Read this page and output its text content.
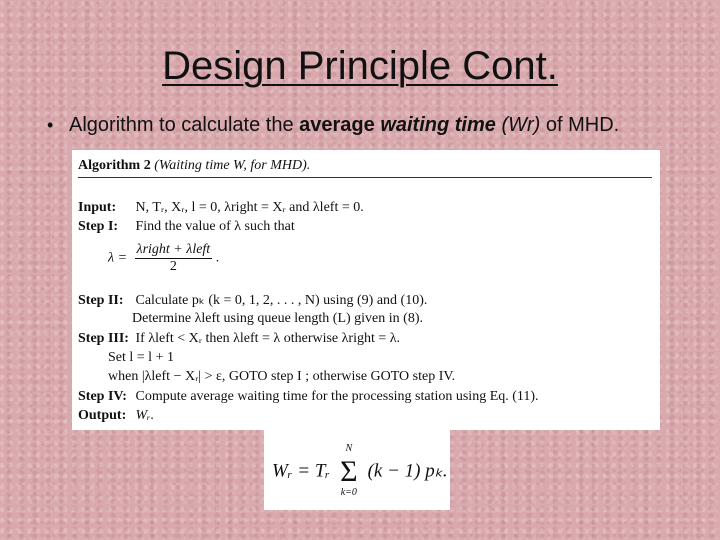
Design Principle Cont.
• Algorithm to calculate the average waiting time (Wr) of MHD.
Algorithm 2 (Waiting time W, for MHD).
Input: N, Tᵣ, Xᵣ, l = 0, λright = Xᵣ and λleft = 0.
Step I: Find the value of λ such that
$\lambda = \frac{\text{λright + λleft}}{2}$ .
Step II: Calculate pₖ (k = 0, 1, 2, . . . , N) using (9) and (10).
Determine λleft using queue length (L) given in (8).
Step III: If λleft < Xᵣ then λleft = λ otherwise λright = λ.
Set l = l + 1
when |λleft − Xᵣ| > ε, GOTO step I ; otherwise GOTO step IV.
Step IV: Compute average waiting time for the processing station using Eq. (11).
Output: Wᵣ.
Wᵣ = Tᵣ
N
Σ
k=0
(k − 1) pₖ.
